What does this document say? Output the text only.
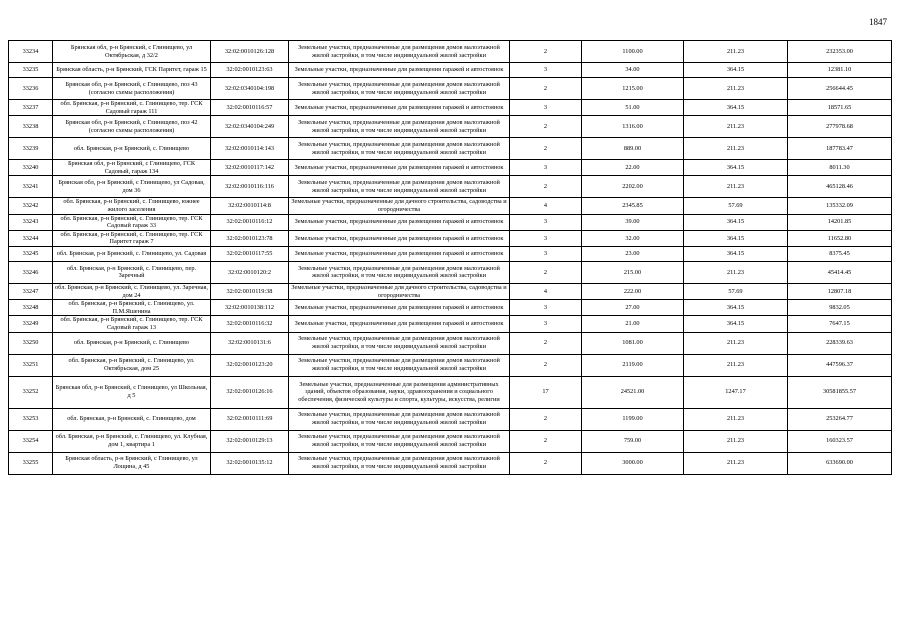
1847
33234	Брянская обл, р-н Брянский, с Глинищево, ул Октябрьская, д 32/2	32:02:0010126:128	Земельные участки, предназначенные для размещения домов малоэтажной жилой застройки, в том числе индивидуальной жилой застройки	2	1100.00	211.23	232353.00
33235	Брянская область, р-н Брянский, ГСК Паритет, гараж 15	32:02:0010123:63	Земельные участки, предназначенные для размещения гаражей и автостоянок	3	34.00	364.15	12381.10
33236	Брянская обл, р-н Брянский, с Глинищево, поз 43 (согласно схемы расположения)	32:02:0340104:198	Земельные участки, предназначенные для размещения домов малоэтажной жилой застройки, в том числе индивидуальной жилой застройки	2	1215.00	211.23	256644.45
33237	обл. Брянская, р-н Брянский, с. Глинищево, тер. ГСК Садовый гараж 111	32:02:0010116:57	Земельные участки, предназначенные для размещения гаражей и автостоянок	3	51.00	364.15	18571.65
33238	Брянская обл, р-н Брянский, с Глинищево, поз 42 (согласно схемы расположения)	32:02:0340104:249	Земельные участки, предназначенные для размещения домов малоэтажной жилой застройки, в том числе индивидуальной жилой застройки	2	1316.00	211.23	277978.68
33239	обл. Брянская, р-н Брянский, с. Глинищево	32:02:0010114:143	Земельные участки, предназначенные для размещения домов малоэтажной жилой застройки, в том числе индивидуальной жилой застройки	2	889.00	211.23	187783.47
33240	Брянская обл, р-н Брянский, с Глинищево, ГСК Садовый, гараж 134	32:02:0010117:142	Земельные участки, предназначенные для размещения гаражей и автостоянок	3	22.00	364.15	8011.30
33241	Брянская обл, р-н Брянский, с Глинищево, ул Садовая, дом 36	32:02:0010116:116	Земельные участки, предназначенные для размещения домов малоэтажной жилой застройки, в том числе индивидуальной жилой застройки	2	2202.00	211.23	465128.46
33242	обл. Брянская, р-н Брянский, с. Глинищево, южнее жилого заселения	32:02:0010114:8	Земельные участки, предназначенные для дачного строительства, садоводства и огородничества	4	2345.85	57.69	135332.09
33243	обл. Брянская, р-н Брянский, с. Глинищево, тер. ГСК Садовый гараж 33	32:02:0010116:12	Земельные участки, предназначенные для размещения гаражей и автостоянок	3	39.00	364.15	14201.85
33244	обл. Брянская, р-н Брянский, с. Глинищево, тер. ГСК Паритет гараж 7	32:02:0010123:78	Земельные участки, предназначенные для размещения гаражей и автостоянок	3	32.00	364.15	11652.80
33245	обл. Брянская, р-н Брянский, с. Глинищево, ул. Садовая	32:02:0010117:55	Земельные участки, предназначенные для размещения гаражей и автостоянок	3	23.00	364.15	8375.45
33246	обл. Брянская, р-н Брянский, с. Глинищево, пер. Заречный	32:02:0010120:2	Земельные участки, предназначенные для размещения домов малоэтажной жилой застройки, в том числе индивидуальной жилой застройки	2	215.00	211.23	45414.45
33247	обл. Брянская, р-н Брянский, с. Глинищево, ул. Заречная, дом 24	32:02:0010119:38	Земельные участки, предназначенные для дачного строительства, садоводства и огородничества	4	222.00	57.69	12807.18
33248	обл. Брянская, р-н Брянский, с. Глинищево, ул. П.М.Яшенина	32:02:0010138:112	Земельные участки, предназначенные для размещения гаражей и автостоянок	3	27.00	364.15	9832.05
33249	обл. Брянская, р-н Брянский, с. Глинищево, тер. ГСК Садовый гараж 13	32:02:0010116:32	Земельные участки, предназначенные для размещения гаражей и автостоянок	3	21.00	364.15	7647.15
33250	обл. Брянская, р-н Брянский, с. Глинищево	32:02:0010131:6	Земельные участки, предназначенные для размещения домов малоэтажной жилой застройки, в том числе индивидуальной жилой застройки	2	1081.00	211.23	228339.63
33251	обл. Брянская, р-н Брянский, с. Глинищево, ул. Октябрьская, дом 25	32:02:0010123:20	Земельные участки, предназначенные для размещения домов малоэтажной жилой застройки, в том числе индивидуальной жилой застройки	2	2119.00	211.23	447596.37
33252	Брянская обл, р-н Брянский, с Глинищево, ул Школьная, д 5	32:02:0010126:16	Земельные участки, предназначенные для размещения административных зданий, объектов образования, науки, здравоохранения и социального обеспечения, физической культуры и спорта, культуры, искусства, религии	17	24521.00	1247.17	30581855.57
33253	обл. Брянская, р-н Брянский, с. Глинищево, дом	32:02:0010111:69	Земельные участки, предназначенные для размещения домов малоэтажной жилой застройки, в том числе индивидуальной жилой застройки	2	1199.00	211.23	253264.77
33254	обл. Брянская, р-н Брянский, с. Глинищево, ул. Клубная, дом 1, квартира 1	32:02:0010129:13	Земельные участки, предназначенные для размещения домов малоэтажной жилой застройки, в том числе индивидуальной жилой застройки	2	759.00	211.23	160323.57
33255	Брянская область, р-н Брянский, с Глинищево, ул Лощина, д 45	32:02:0010135:12	Земельные участки, предназначенные для размещения домов малоэтажной жилой застройки, в том числе индивидуальной жилой застройки	2	3000.00	211.23	633690.00
